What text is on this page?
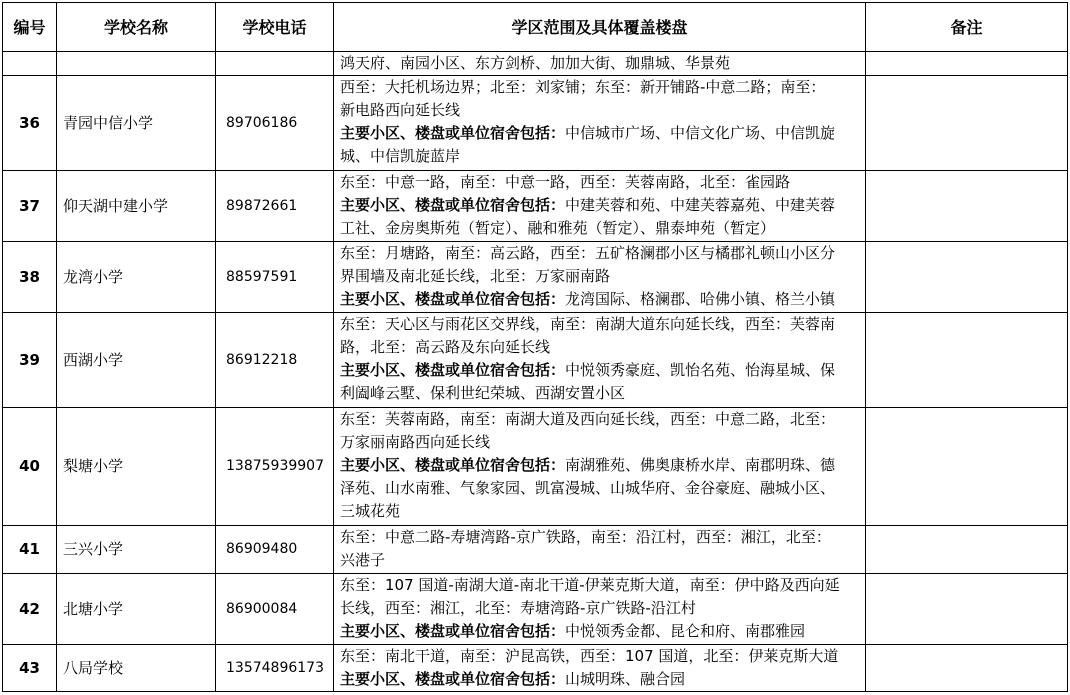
编号	学校名称	学校电话	学区范围及具体覆盖楼盘	备注

			鸿天府、南园小区、东方剑桥、加加大街、珈鼎城、华景苑	

36	青园中信小学	89706186	西至：大托机场边界；北至：刘家铺；东至：新开铺路-中意二路；南至：
新电路西向延长线
主要小区、楼盘或单位宿舍包括：中信城市广场、中信文化广场、中信凯旋
城、中信凯旋蓝岸	

37	仰天湖中建小学	89872661	东至：中意一路，南至：中意一路，西至：芙蓉南路，北至：雀园路
主要小区、楼盘或单位宿舍包括：中建芙蓉和苑、中建芙蓉嘉苑、中建芙蓉
工社、金房奥斯苑（暂定）、融和雅苑（暂定）、鼎泰坤苑（暂定）	

38	龙湾小学	88597591	东至：月塘路，南至：高云路，西至：五矿格澜郡小区与橘郡礼顿山小区分
界围墙及南北延长线，北至：万家丽南路
主要小区、楼盘或单位宿舍包括：龙湾国际、格澜郡、哈佛小镇、格兰小镇	

39	西湖小学	86912218	东至：天心区与雨花区交界线，南至：南湖大道东向延长线，西至：芙蓉南
路，北至：高云路及东向延长线
主要小区、楼盘或单位宿舍包括：中悦领秀豪庭、凯怡名苑、怡海星城、保
利阖峰云墅、保利世纪荣城、西湖安置小区	

40	梨塘小学	13875939907	东至：芙蓉南路，南至：南湖大道及西向延长线，西至：中意二路，北至：
万家丽南路西向延长线
主要小区、楼盘或单位宿舍包括：南湖雅苑、佛奥康桥水岸、南郡明珠、德
泽苑、山水南雅、气象家园、凯富漫城、山城华府、金谷豪庭、融城小区、
三城花苑	

41	三兴小学	86909480	东至：中意二路-寿塘湾路-京广铁路，南至：沿江村，西至：湘江，北至：
兴港子	

42	北塘小学	86900084	东至：107 国道-南湖大道-南北干道-伊莱克斯大道，南至：伊中路及西向延
长线，西至：湘江，北至：寿塘湾路-京广铁路-沿江村
主要小区、楼盘或单位宿舍包括：中悦领秀金都、昆仑和府、南郡雅园	

43	八局学校	13574896173	东至：南北干道，南至：沪昆高铁，西至：107 国道，北至：伊莱克斯大道
主要小区、楼盘或单位宿舍包括：山城明珠、融合园	
